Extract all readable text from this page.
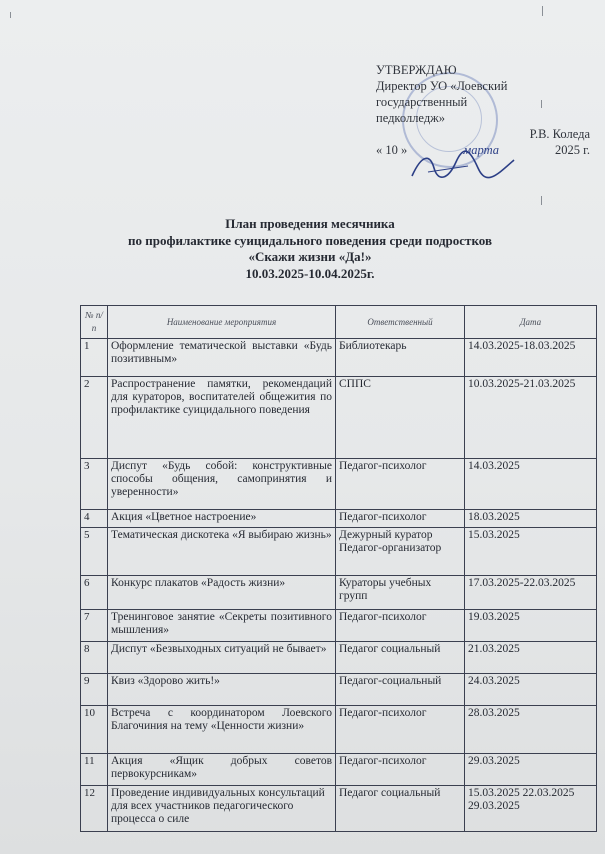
УТВЕРЖДАЮ
Директор УО «Лоевский
государственный
педколледж»
Р.В. Коледа
« 10 »	марта	2025 г.
План проведения месячника
по профилактике суицидального поведения среди подростков
«Скажи жизни «Да!»
10.03.2025-10.04.2025г.
№ п/п	Наименование мероприятия	Ответственный	Дата
1	Оформление тематической выставки «Будь позитивным»	Библиотекарь	14.03.2025-18.03.2025
2	Распространение памятки, рекомендаций для кураторов, воспитателей общежития по профилактике суицидального поведения	СППС	10.03.2025-21.03.2025
3	Диспут «Будь собой: конструктивные способы общения, самопринятия и уверенности»	Педагог-психолог	14.03.2025
4	Акция «Цветное настроение»	Педагог-психолог	18.03.2025
5	Тематическая дискотека «Я выбираю жизнь»	Дежурный куратор Педагог-организатор	15.03.2025
6	Конкурс плакатов «Радость жизни»	Кураторы учебных групп	17.03.2025-22.03.2025
7	Тренинговое занятие «Секреты позитивного мышления»	Педагог-психолог	19.03.2025
8	Диспут «Безвыходных ситуаций не бывает»	Педагог социальный	21.03.2025
9	Квиз «Здорово жить!»	Педагог-социальный	24.03.2025
10	Встреча с координатором Лоевского Благочиния на тему «Ценности жизни»	Педагог-психолог	28.03.2025
11	Акция «Ящик добрых советов первокурсникам»	Педагог-психолог	29.03.2025
12	Проведение индивидуальных консультаций для всех участников педагогического процесса о силе	Педагог социальный	15.03.2025 22.03.2025 29.03.2025
